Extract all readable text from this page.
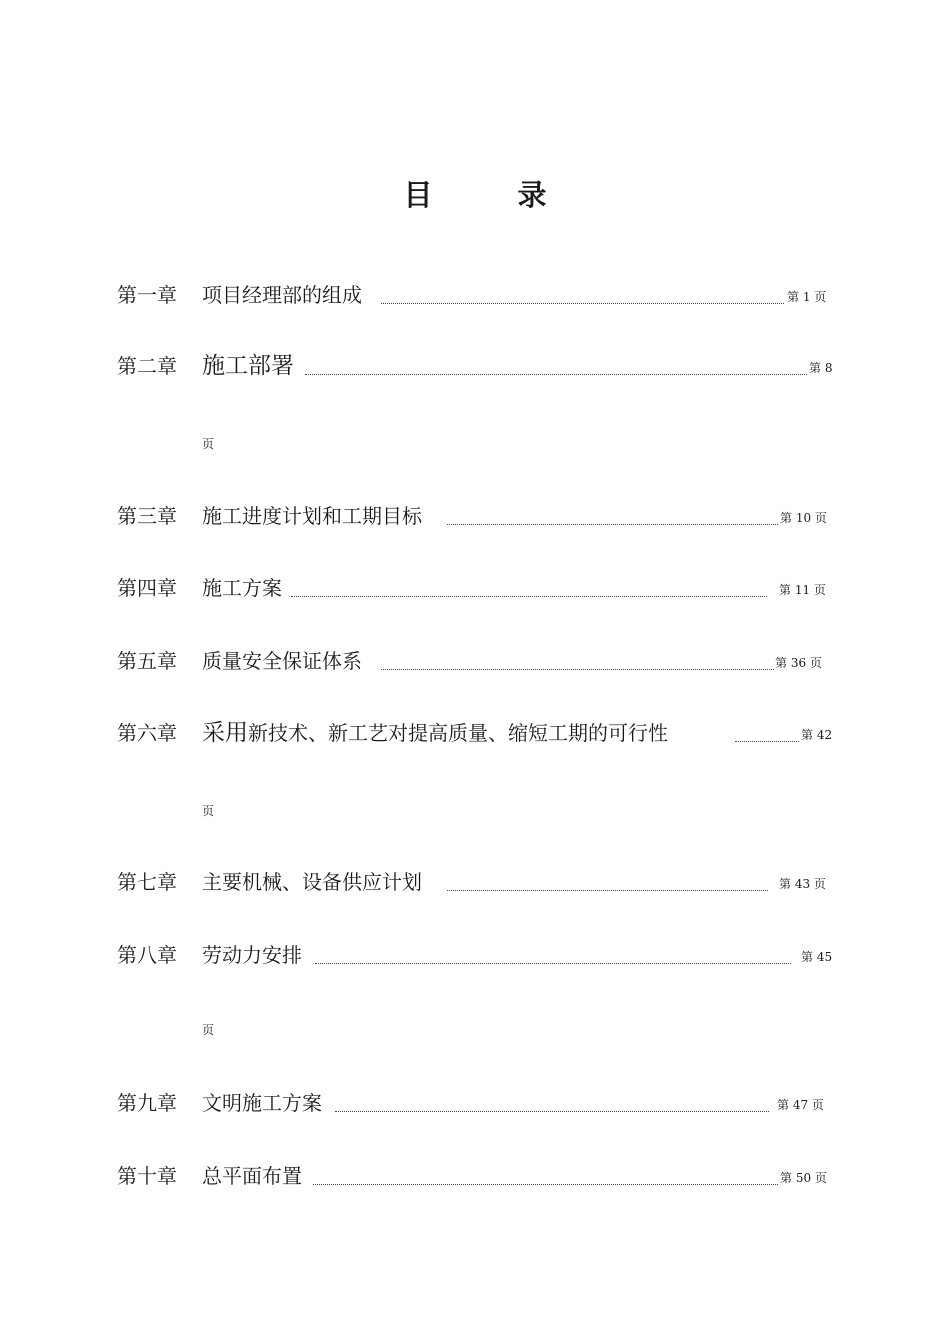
目　录
第一章 项目经理部的组成	第 1 页
第二章 施工部署	第 8
页
第三章 施工进度计划和工期目标	第 10 页
第四章 施工方案	第 11 页
第五章 质量安全保证体系	第 36 页
第六章 采用新技术、新工艺对提高质量、缩短工期的可行性	第 42
页
第七章 主要机械、设备供应计划	第 43 页
第八章 劳动力安排	第 45
页
第九章 文明施工方案	第 47 页
第十章 总平面布置	第 50 页
